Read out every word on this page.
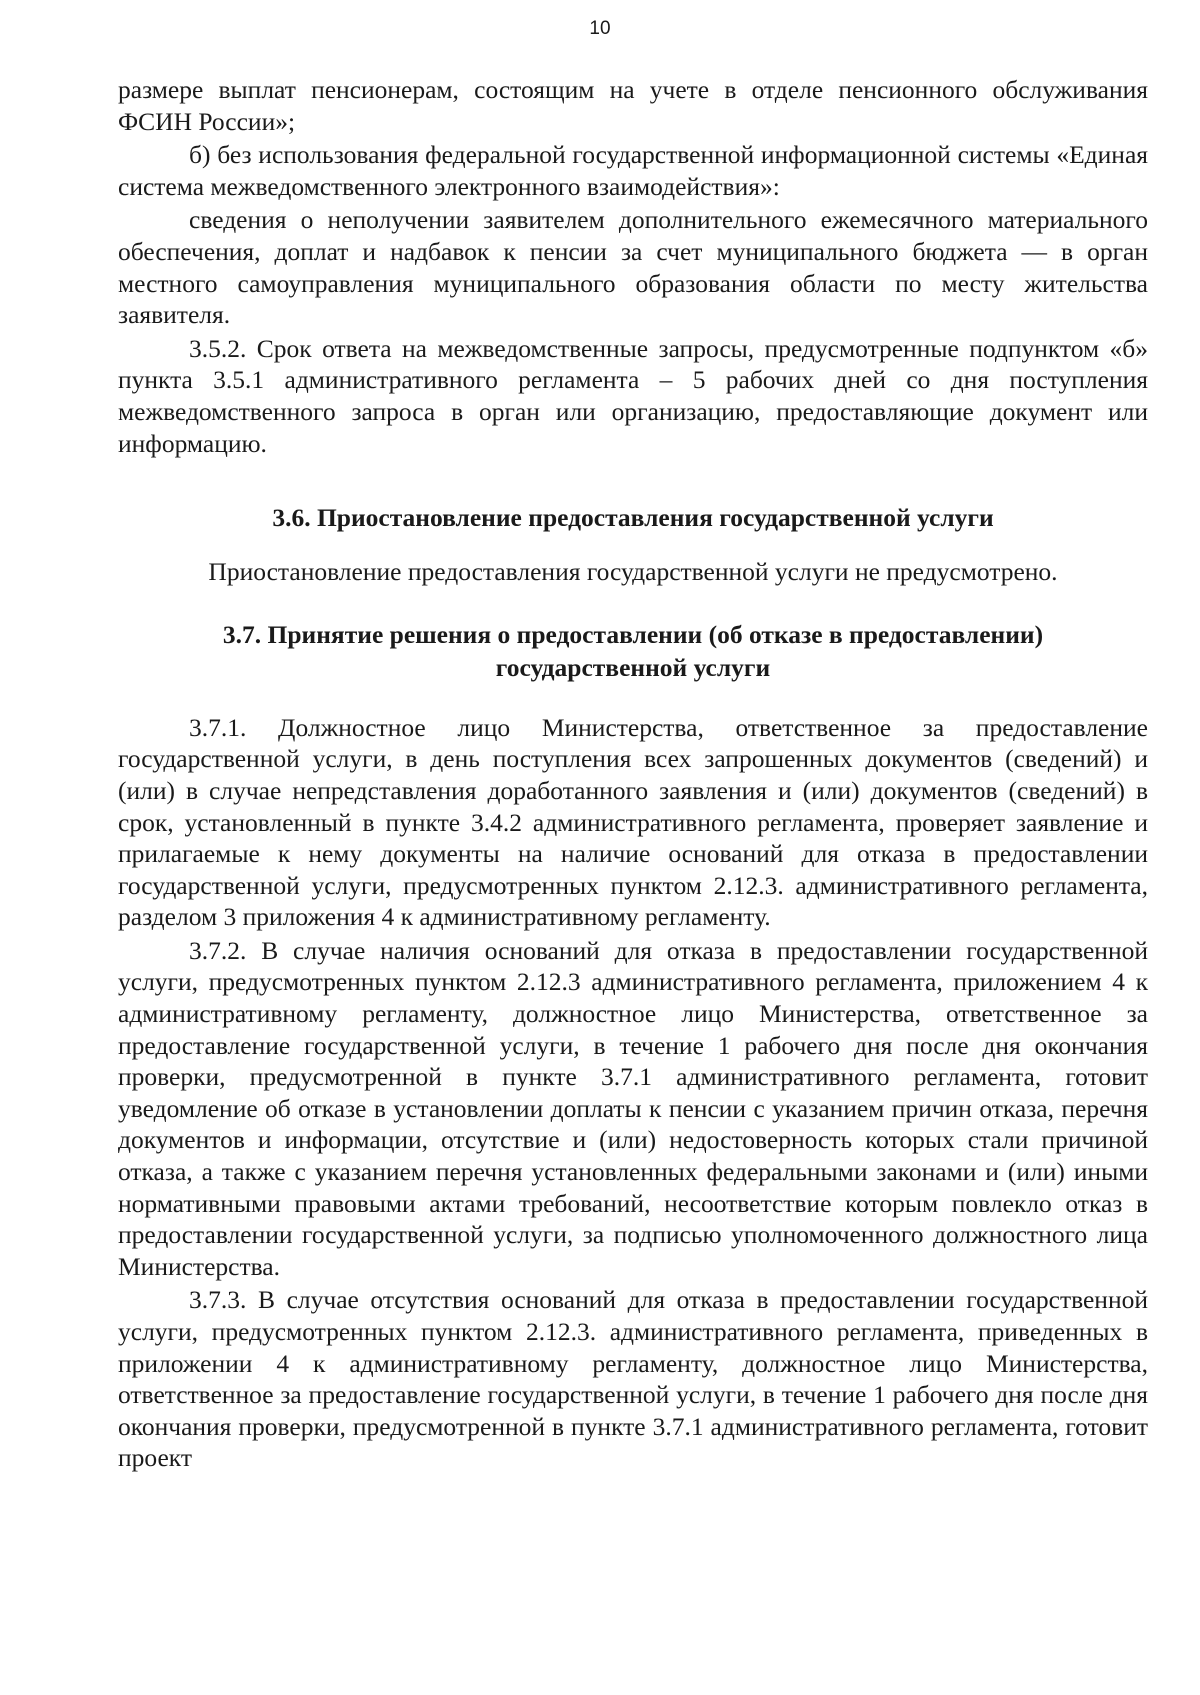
10

размере выплат пенсионерам, состоящим на учете в отделе пенсионного обслуживания ФСИН России»;

б) без использования федеральной государственной информационной системы «Единая система межведомственного электронного взаимодействия»:

сведения о неполучении заявителем дополнительного ежемесячного материального обеспечения, доплат и надбавок к пенсии за счет муниципального бюджета — в орган местного самоуправления муниципального образования области по месту жительства заявителя.

3.5.2. Срок ответа на межведомственные запросы, предусмотренные подпунктом «б» пункта 3.5.1 административного регламента – 5 рабочих дней со дня поступления межведомственного запроса в орган или организацию, предоставляющие документ или информацию.

3.6. Приостановление предоставления государственной услуги

Приостановление предоставления государственной услуги не предусмотрено.

3.7. Принятие решения о предоставлении (об отказе в предоставлении) государственной услуги

3.7.1. Должностное лицо Министерства, ответственное за предоставление государственной услуги, в день поступления всех запрошенных документов (сведений) и (или) в случае непредставления доработанного заявления и (или) документов (сведений) в срок, установленный в пункте 3.4.2 административного регламента, проверяет заявление и прилагаемые к нему документы на наличие оснований для отказа в предоставлении государственной услуги, предусмотренных пунктом 2.12.3. административного регламента, разделом 3 приложения 4 к административному регламенту.

3.7.2. В случае наличия оснований для отказа в предоставлении государственной услуги, предусмотренных пунктом 2.12.3 административного регламента, приложением 4 к административному регламенту, должностное лицо Министерства, ответственное за предоставление государственной услуги, в течение 1 рабочего дня после дня окончания проверки, предусмотренной в пункте 3.7.1 административного регламента, готовит уведомление об отказе в установлении доплаты к пенсии с указанием причин отказа, перечня документов и информации, отсутствие и (или) недостоверность которых стали причиной отказа, а также с указанием перечня установленных федеральными законами и (или) иными нормативными правовыми актами требований, несоответствие которым повлекло отказ в предоставлении государственной услуги, за подписью уполномоченного должностного лица Министерства.

3.7.3. В случае отсутствия оснований для отказа в предоставлении государственной услуги, предусмотренных пунктом 2.12.3. административного регламента, приведенных в приложении 4 к административному регламенту, должностное лицо Министерства, ответственное за предоставление государственной услуги, в течение 1 рабочего дня после дня окончания проверки, предусмотренной в пункте 3.7.1 административного регламента, готовит проект
